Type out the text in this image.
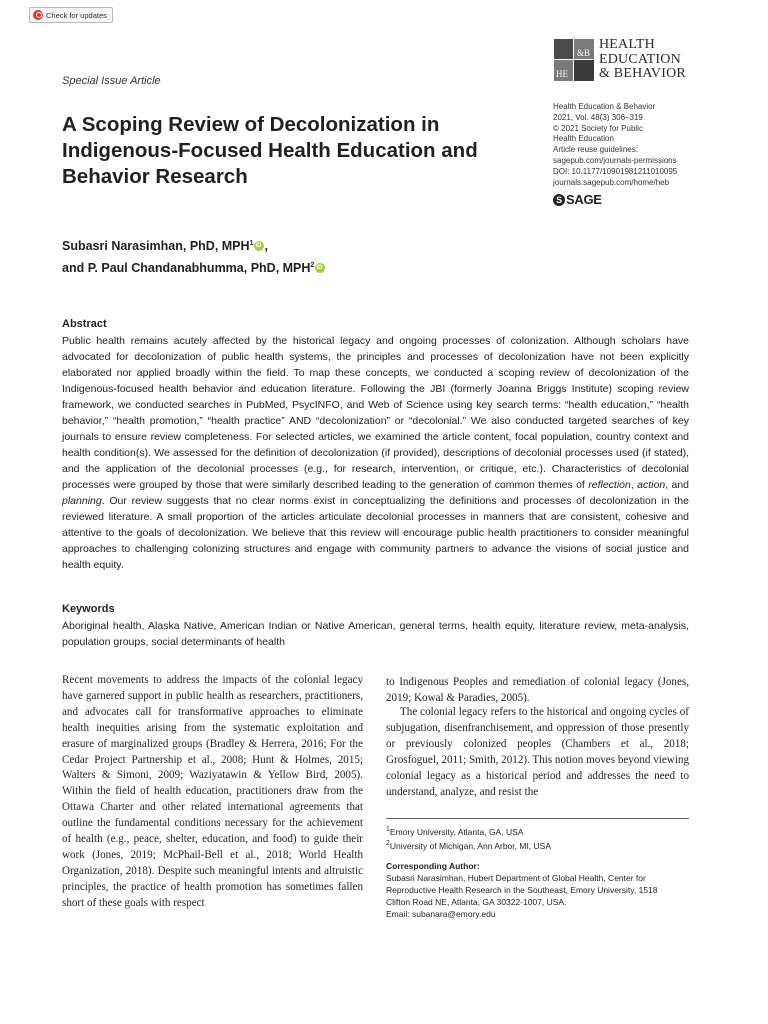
Check for updates
HE
&B
HEALTH
EDUCATION
& BEHAVIOR
Special Issue Article
A Scoping Review of Decolonization in Indigenous-Focused Health Education and Behavior Research
Health Education & Behavior
2021, Vol. 48(3) 306–319
© 2021 Society for Public
Health Education
Article reuse guidelines:
sagepub.com/journals-permissions
DOI: 10.1177/10901981211010095
journals.sagepub.com/home/heb
S SAGE
Subasri Narasimhan, PhD, MPH$^1$iD ,
and P. Paul Chandanabhumma, PhD, MPH$^2$iD
Abstract
Public health remains acutely affected by the historical legacy and ongoing processes of colonization. Although scholars have advocated for decolonization of public health systems, the principles and processes of decolonization have not been explicitly elaborated nor applied broadly within the field. To map these concepts, we conducted a scoping review of decolonization of the Indigenous-focused health behavior and education literature. Following the JBI (formerly Joanna Briggs Institute) scoping review framework, we conducted searches in PubMed, PsycINFO, and Web of Science using key search terms: “health education,” “health behavior,” “health promotion,” “health practice” AND “decolonization” or “decolonial.” We also conducted targeted searches of key journals to ensure review completeness. For selected articles, we examined the article content, focal population, country context and health condition(s). We assessed for the definition of decolonization (if provided), descriptions of decolonial processes used (if stated), and the application of the decolonial processes (e.g., for research, intervention, or critique, etc.). Characteristics of decolonial processes were grouped by those that were similarly described leading to the generation of common themes of reflection, action, and planning. Our review suggests that no clear norms exist in conceptualizing the definitions and processes of decolonization in the reviewed literature. A small proportion of the articles articulate decolonial processes in manners that are consistent, cohesive and attentive to the goals of decolonization. We believe that this review will encourage public health practitioners to consider meaningful approaches to challenging colonizing structures and engage with community partners to advance the visions of social justice and health equity.
Keywords
Aboriginal health, Alaska Native, American Indian or Native American, general terms, health equity, literature review, meta-analysis, population groups, social determinants of health
Recent movements to address the impacts of the colonial legacy have garnered support in public health as researchers, practitioners, and advocates call for transformative approaches to eliminate health inequities arising from the systematic exploitation and erasure of marginalized groups (Bradley & Herrera, 2016; For the Cedar Project Partnership et al., 2008; Hunt & Holmes, 2015; Walters & Simoni, 2009; Waziyatawin & Yellow Bird, 2005). Within the field of health education, practitioners draw from the Ottawa Charter and other related international agreements that outline the fundamental conditions necessary for the achievement of health (e.g., peace, shelter, education, and food) to guide their work (Jones, 2019; McPhail-Bell et al., 2018; World Health Organization, 2018). Despite such meaningful intents and altruistic principles, the practice of health promotion has sometimes fallen short of these goals with respect
to Indigenous Peoples and remediation of colonial legacy (Jones, 2019; Kowal & Paradies, 2005).
The colonial legacy refers to the historical and ongoing cycles of subjugation, disenfranchisement, and oppression of those presently or previously colonized peoples (Chambers et al., 2018; Grosfoguel, 2011; Smith, 2012). This notion moves beyond viewing colonial legacy as a historical period and addresses the need to understand, analyze, and resist the
$^1$Emory University, Atlanta, GA, USA
$^2$University of Michigan, Ann Arbor, MI, USA
Corresponding Author:
Subasri Narasimhan, Hubert Department of Global Health, Center for
Reproductive Health Research in the Southeast, Emory University, 1518
Clifton Road NE, Atlanta, GA 30322-1007, USA.
Email: subanara@emory.edu
